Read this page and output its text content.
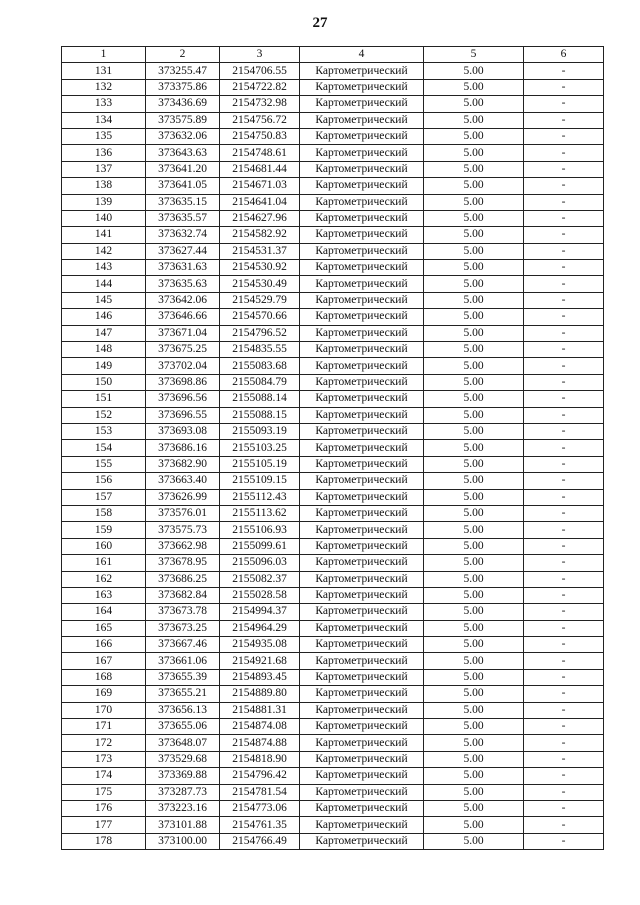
27
1	2	3	4	5	6
131	373255.47	2154706.55	Картометрический	5.00	-
132	373375.86	2154722.82	Картометрический	5.00	-
133	373436.69	2154732.98	Картометрический	5.00	-
134	373575.89	2154756.72	Картометрический	5.00	-
135	373632.06	2154750.83	Картометрический	5.00	-
136	373643.63	2154748.61	Картометрический	5.00	-
137	373641.20	2154681.44	Картометрический	5.00	-
138	373641.05	2154671.03	Картометрический	5.00	-
139	373635.15	2154641.04	Картометрический	5.00	-
140	373635.57	2154627.96	Картометрический	5.00	-
141	373632.74	2154582.92	Картометрический	5.00	-
142	373627.44	2154531.37	Картометрический	5.00	-
143	373631.63	2154530.92	Картометрический	5.00	-
144	373635.63	2154530.49	Картометрический	5.00	-
145	373642.06	2154529.79	Картометрический	5.00	-
146	373646.66	2154570.66	Картометрический	5.00	-
147	373671.04	2154796.52	Картометрический	5.00	-
148	373675.25	2154835.55	Картометрический	5.00	-
149	373702.04	2155083.68	Картометрический	5.00	-
150	373698.86	2155084.79	Картометрический	5.00	-
151	373696.56	2155088.14	Картометрический	5.00	-
152	373696.55	2155088.15	Картометрический	5.00	-
153	373693.08	2155093.19	Картометрический	5.00	-
154	373686.16	2155103.25	Картометрический	5.00	-
155	373682.90	2155105.19	Картометрический	5.00	-
156	373663.40	2155109.15	Картометрический	5.00	-
157	373626.99	2155112.43	Картометрический	5.00	-
158	373576.01	2155113.62	Картометрический	5.00	-
159	373575.73	2155106.93	Картометрический	5.00	-
160	373662.98	2155099.61	Картометрический	5.00	-
161	373678.95	2155096.03	Картометрический	5.00	-
162	373686.25	2155082.37	Картометрический	5.00	-
163	373682.84	2155028.58	Картометрический	5.00	-
164	373673.78	2154994.37	Картометрический	5.00	-
165	373673.25	2154964.29	Картометрический	5.00	-
166	373667.46	2154935.08	Картометрический	5.00	-
167	373661.06	2154921.68	Картометрический	5.00	-
168	373655.39	2154893.45	Картометрический	5.00	-
169	373655.21	2154889.80	Картометрический	5.00	-
170	373656.13	2154881.31	Картометрический	5.00	-
171	373655.06	2154874.08	Картометрический	5.00	-
172	373648.07	2154874.88	Картометрический	5.00	-
173	373529.68	2154818.90	Картометрический	5.00	-
174	373369.88	2154796.42	Картометрический	5.00	-
175	373287.73	2154781.54	Картометрический	5.00	-
176	373223.16	2154773.06	Картометрический	5.00	-
177	373101.88	2154761.35	Картометрический	5.00	-
178	373100.00	2154766.49	Картометрический	5.00	-
